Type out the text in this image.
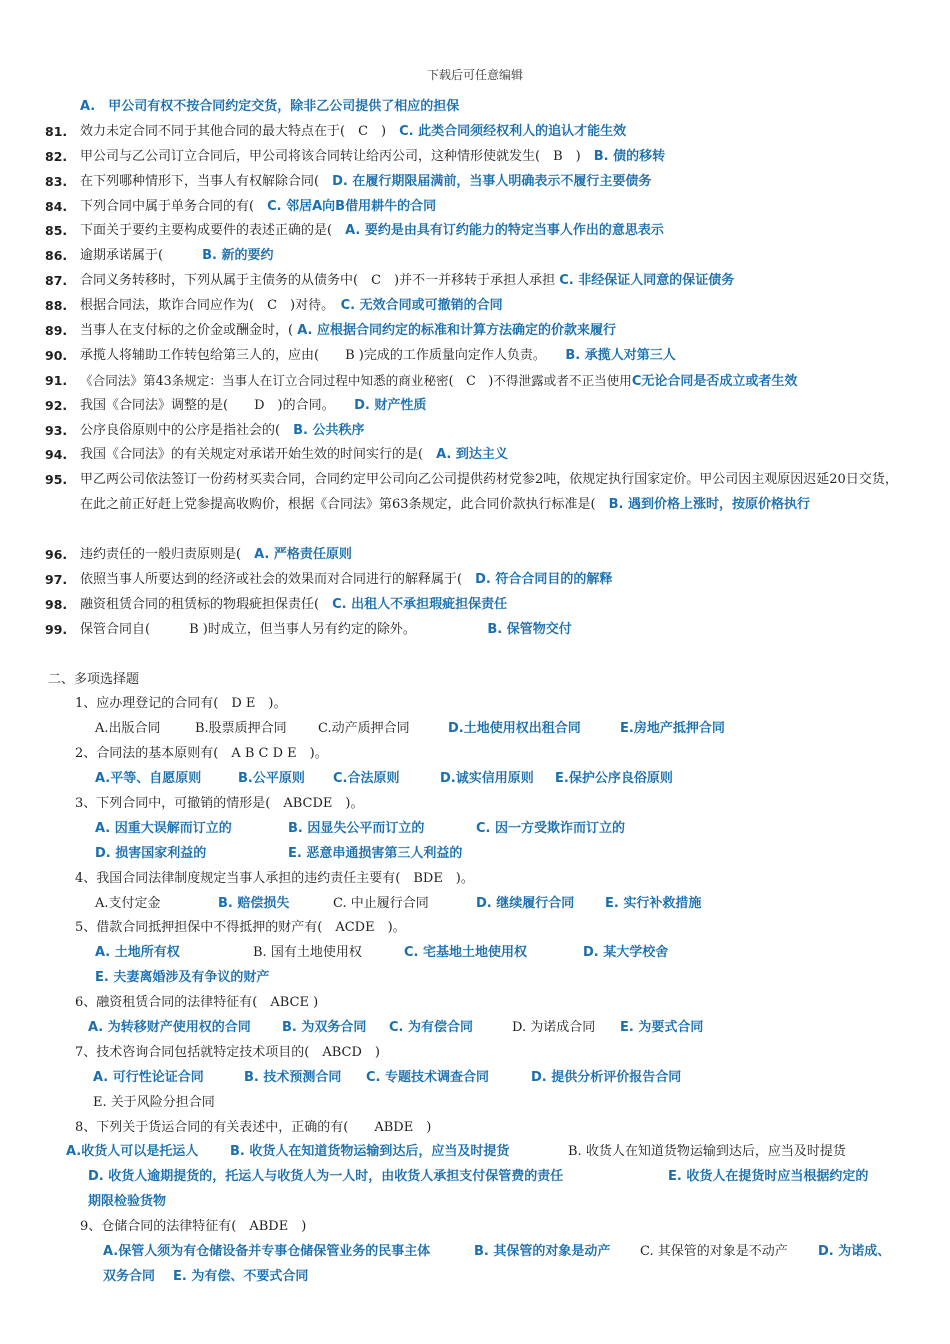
下载后可任意编辑
A.　甲公司有权不按合同约定交货，除非乙公司提供了相应的担保
81. 效力未定合同不同于其他合同的最大特点在于(　C　)　 C. 此类合同须经权利人的追认才能生效
82. 甲公司与乙公司订立合同后，甲公司将该合同转让给丙公司，这种情形使就发生(　B　)　 B. 债的移转
83. 在下列哪种情形下，当事人有权解除合同(　 D. 在履行期限届满前，当事人明确表示不履行主要债务
84. 下列合同中属于单务合同的有(　 C. 邻居A向B借用耕牛的合同
85. 下面关于要约主要构成要件的表述正确的是(　 A. 要约是由具有订约能力的特定当事人作出的意思表示
86. 逾期承诺属于(　　　B. 新的要约
87. 合同义务转移时，下列从属于主债务的从债务中(　C　)并不一并移转于承担人承担 C. 非经保证人同意的保证债务
88. 根据合同法，欺诈合同应作为(　C　)对待。　 C. 无效合同或可撤销的合同
89. 当事人在支付标的之价金或酬金时，( A. 应根据合同约定的标准和计算方法确定的价款来履行
90. 承揽人将辅助工作转包给第三人的，应由(　　B )完成的工作质量向定作人负责。　　 B. 承揽人对第三人
91.	《合同法》第43条规定：当事人在订立合同过程中知悉的商业秘密(　C　)不得泄露或者不正当使用C无论合同是否成立或者生效
92. 我国《合同法》调整的是(　　D　)的合同。　　 D. 财产性质
93. 公序良俗原则中的公序是指社会的(　 B. 公共秩序
94. 我国《合同法》的有关规定对承诺开始生效的时间实行的是(　 A. 到达主义
95. 甲乙两公司依法签订一份药材买卖合同，合同约定甲公司向乙公司提供药材党参2吨，依规定执行国家定价。甲公司因主观原因迟延20日交货，在此之前正好赶上党参提高收购价，根据《合同法》第63条规定，此合同价款执行标准是(　 B. 遇到价格上涨时，按原价格执行
96. 违约责任的一般归责原则是(　 A. 严格责任原则
97. 依照当事人所要达到的经济或社会的效果而对合同进行的解释属于(　 D. 符合合同目的的解释
98. 融资租赁合同的租赁标的物瑕疵担保责任(　 C. 出租人不承担瑕疵担保责任
99. 保管合同自(　　　B )时成立，但当事人另有约定的除外。　　　　　　	B. 保管物交付
二、多项选择题
1、应办理登记的合同有(　D E　)。
A.出版合同	B.股票质押合同 C.动产质押合同	D.土地使用权出租合同	E.房地产抵押合同
2、合同法的基本原则有(　A B C D E　)。
A.平等、自愿原则	B.公平原则 C.合法原则	D.诚实信用原则 E.保护公序良俗原则
3、下列合同中，可撤销的情形是(　ABCDE　)。
A. 因重大误解而订立的	B. 因显失公平而订立的	C. 因一方受欺诈而订立的
D. 损害国家利益的	E. 恶意串通损害第三人利益的
4、我国合同法律制度规定当事人承担的违约责任主要有(　BDE　)。
A.支付定金	B. 赔偿损失	C. 中止履行合同	D. 继续履行合同 E. 实行补救措施
5、借款合同抵押担保中不得抵押的财产有(　ACDE　)。
A. 土地所有权	B. 国有土地使用权	C. 宅基地土地使用权	D. 某大学校舍
E. 夫妻离婚涉及有争议的财产
6、融资租赁合同的法律特征有(　ABCE )
A. 为转移财产使用权的合同 B. 为双务合同 C. 为有偿合同	D. 为诺成合同 E. 为要式合同
7、技术咨询合同包括就特定技术项目的(　ABCD　)
A. 可行性论证合同	B. 技术预测合同 C. 专题技术调查合同	D. 提供分析评价报告合同
E. 关于风险分担合同
8、下列关于货运合同的有关表述中，正确的有(　　ABDE　)
A.收货人可以是托运人 B. 收货人在知道货物运输到达后，应当及时提货	B. 收货人在知道货物运输到达后，应当及时提货
D. 收货人逾期提货的，托运人与收货人为一人时，由收货人承担支付保管费的责任	E. 收货人在提货时应当根据约定的
期限检验货物
9、仓储合同的法律特征有(　ABDE　)
A.保管人须为有仓储设备并专事仓储保管业务的民事主体	B. 其保管的对象是动产 C. 其保管的对象是不动产 D. 为诺成、
双务合同 E. 为有偿、不要式合同
